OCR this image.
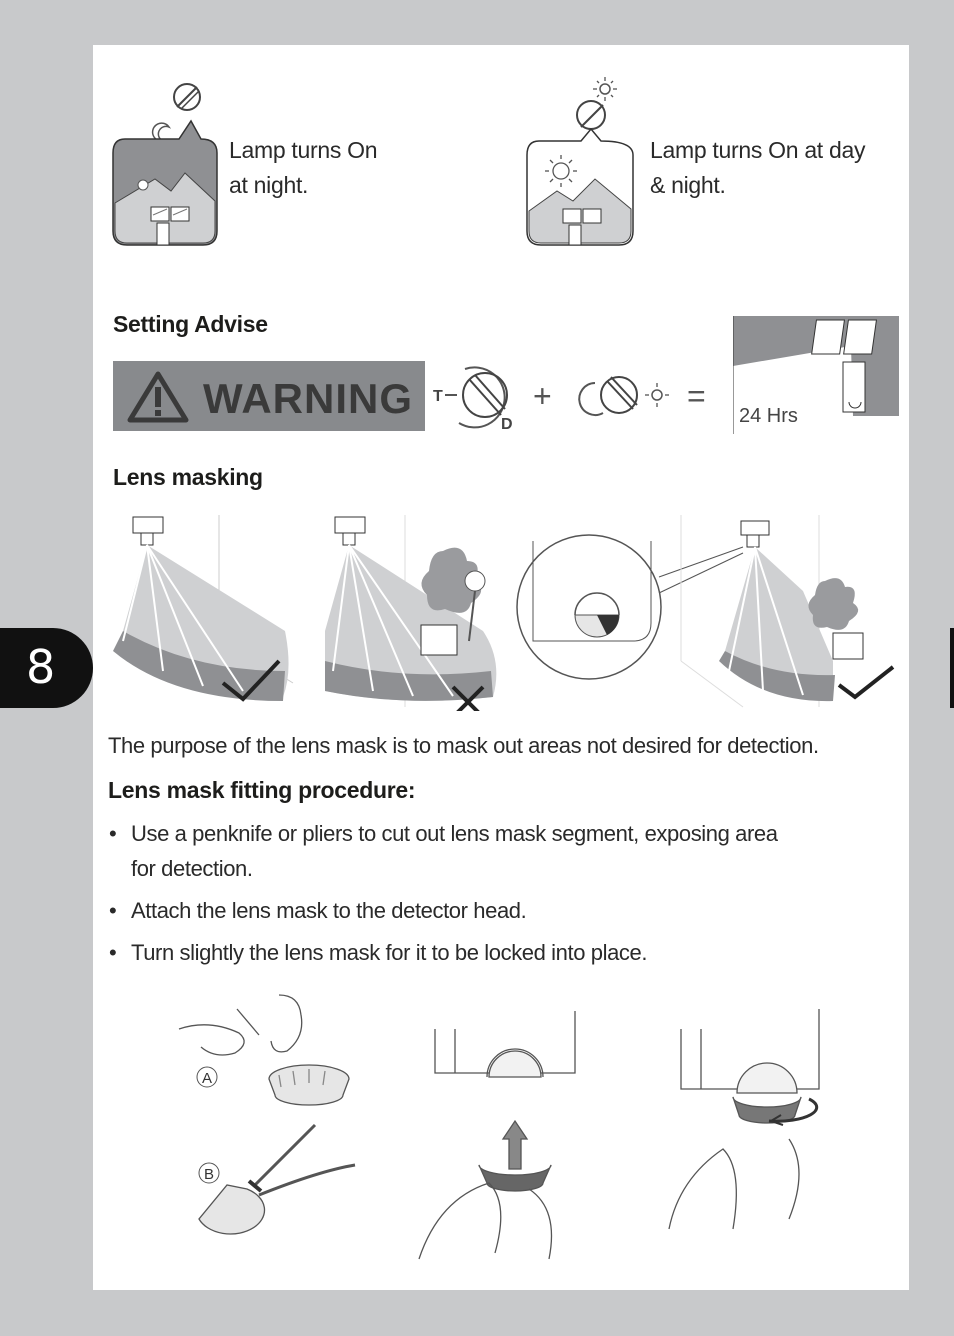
8
Lamp turns On
at night.
Lamp turns On at day
& night.
Setting Advise
WARNING T
D
+	=
24 Hrs
Lens masking
The purpose of the lens mask is to mask out areas not desired for detection.
Lens mask fitting procedure:
• Use a penknife or pliers to cut out lens mask segment, exposing area
for detection.
• Attach the lens mask to the detector head.
• Turn slightly the lens mask for it to be locked into place.
A
B
